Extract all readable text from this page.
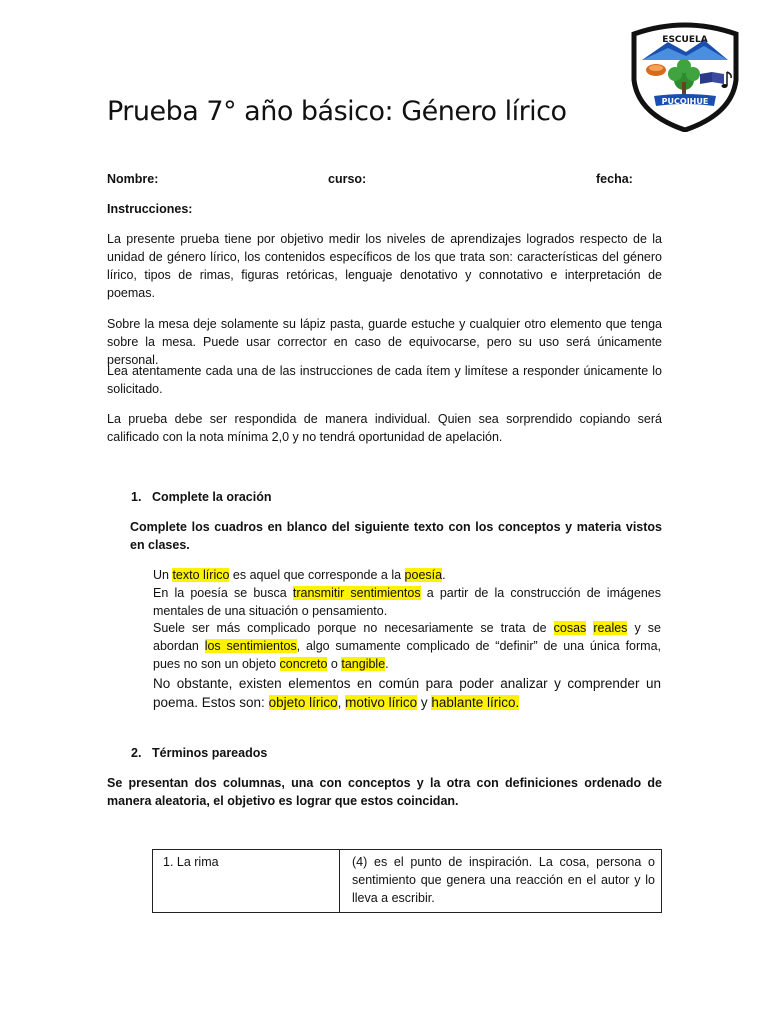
Prueba 7° año básico: Género lírico
ESCUELA
PUCOIHUE
Nombre:	curso:	fecha:
Instrucciones:
La presente prueba tiene por objetivo medir los niveles de aprendizajes logrados respecto de la unidad de género lírico, los contenidos específicos de los que trata son: características del género lírico, tipos de rimas, figuras retóricas, lenguaje denotativo y connotativo e interpretación de poemas.
Sobre la mesa deje solamente su lápiz pasta, guarde estuche y cualquier otro elemento que tenga sobre la mesa. Puede usar corrector en caso de equivocarse, pero su uso será únicamente personal.
Lea atentamente cada una de las instrucciones de cada ítem y limítese a responder únicamente lo solicitado.
La prueba debe ser respondida de manera individual. Quien sea sorprendido copiando será calificado con la nota mínima 2,0 y no tendrá oportunidad de apelación.
1. Complete la oración
Complete los cuadros en blanco del siguiente texto con los conceptos y materia vistos en clases.
Un texto lírico es aquel que corresponde a la poesía.
En la poesía se busca transmitir sentimientos a partir de la construcción de imágenes mentales de una situación o pensamiento.
Suele ser más complicado porque no necesariamente se trata de cosas reales y se abordan los sentimientos, algo sumamente complicado de “definir” de una única forma, pues no son un objeto concreto o tangible.
No obstante, existen elementos en común para poder analizar y comprender un poema. Estos son: objeto lírico, motivo lírico y hablante lírico.
2. Términos pareados
Se presentan dos columnas, una con conceptos y la otra con definiciones ordenado de manera aleatoria, el objetivo es lograr que estos coincidan.
1. La rima	(4) es el punto de inspiración. La cosa, persona o sentimiento que genera una reacción en el autor y lo lleva a escribir.
